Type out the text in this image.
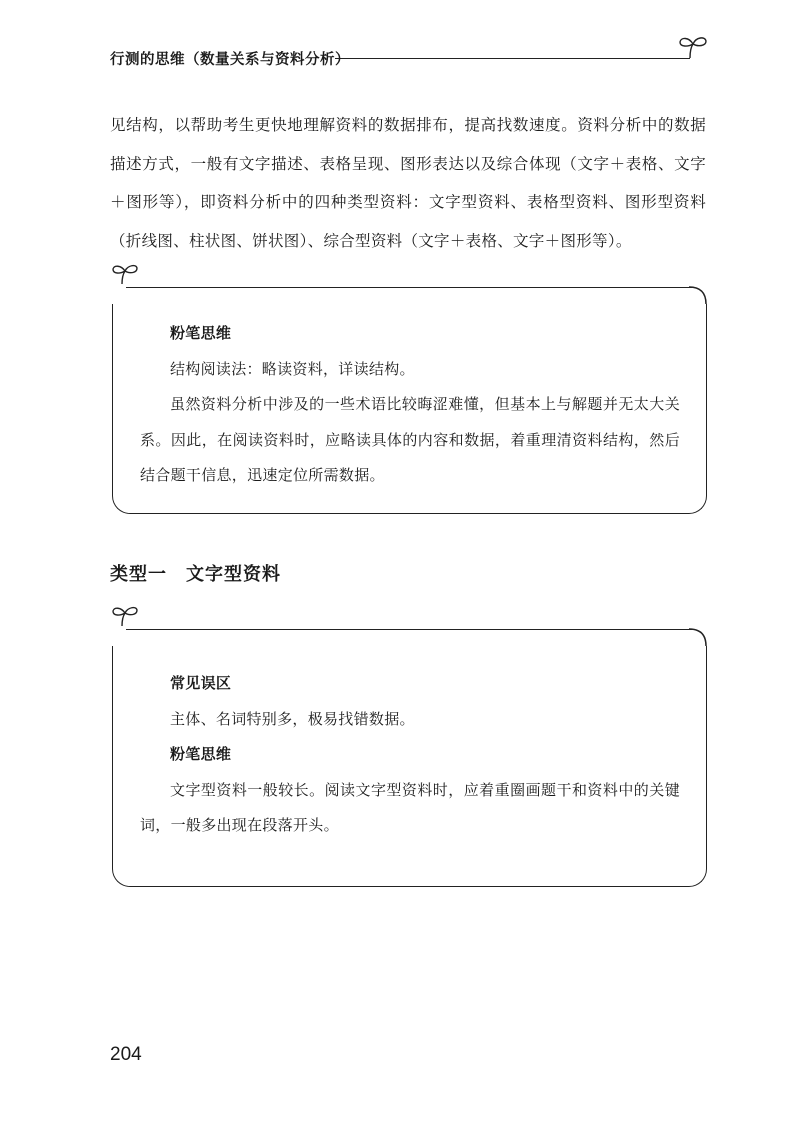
行测的思维（数量关系与资料分析）

见结构，以帮助考生更快地理解资料的数据排布，提高找数速度。资料分析中的数据描述方式，一般有文字描述、表格呈现、图形表达以及综合体现（文字＋表格、文字＋图形等），即资料分析中的四种类型资料：文字型资料、表格型资料、图形型资料（折线图、柱状图、饼状图）、综合型资料（文字＋表格、文字＋图形等）。

粉笔思维

结构阅读法：略读资料，详读结构。

虽然资料分析中涉及的一些术语比较晦涩难懂，但基本上与解题并无太大关系。因此，在阅读资料时，应略读具体的内容和数据，着重理清资料结构，然后结合题干信息，迅速定位所需数据。

类型一　文字型资料
常见误区

主体、名词特别多，极易找错数据。

粉笔思维

文字型资料一般较长。阅读文字型资料时，应着重圈画题干和资料中的关键词，一般多出现在段落开头。

204
